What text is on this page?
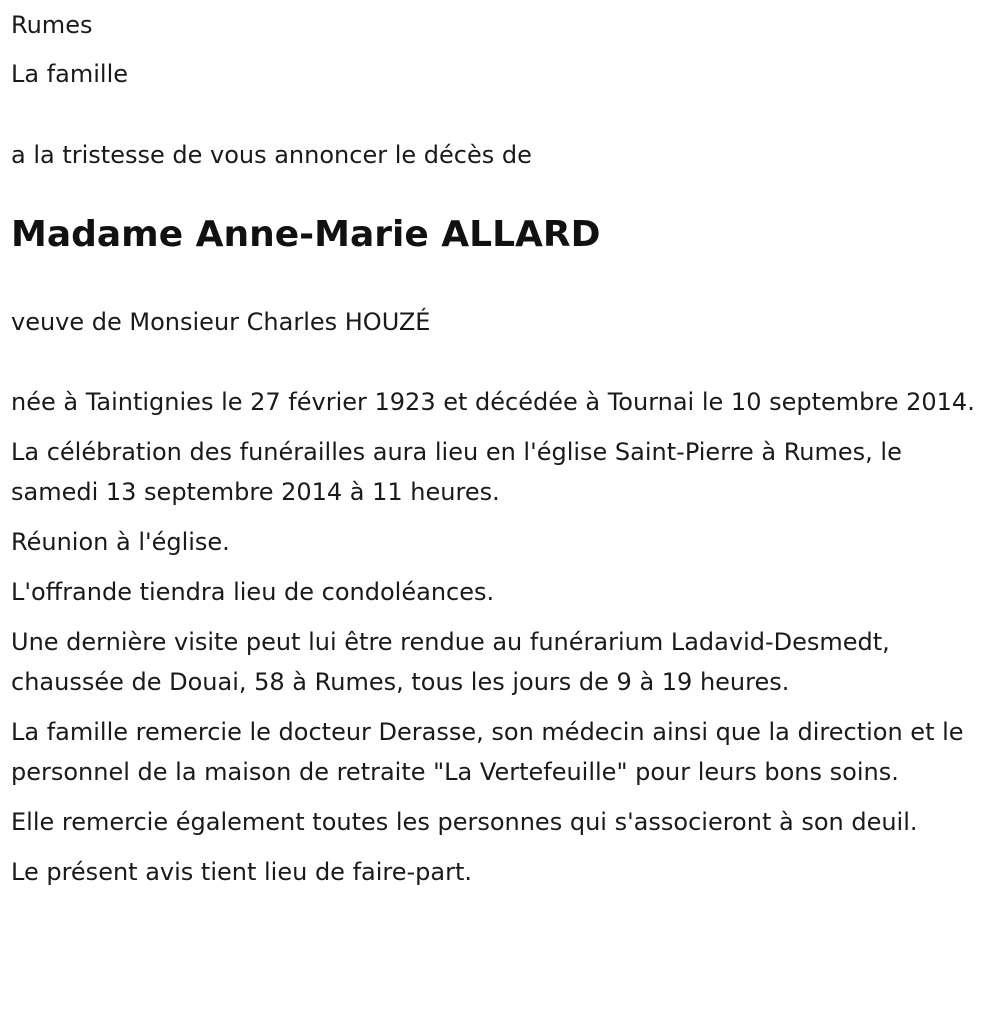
Rumes

La famille

a la tristesse de vous annoncer le décès de

Madame Anne-Marie ALLARD

veuve de Monsieur Charles HOUZÉ

née à Taintignies le 27 février 1923 et décédée à Tournai le 10 septembre 2014.

La célébration des funérailles aura lieu en l'église Saint-Pierre à Rumes, le samedi 13 septembre 2014 à 11 heures.

Réunion à l'église.

L'offrande tiendra lieu de condoléances.

Une dernière visite peut lui être rendue au funérarium Ladavid-Desmedt, chaussée de Douai, 58 à Rumes, tous les jours de 9 à 19 heures.

La famille remercie le docteur Derasse, son médecin ainsi que la direction et le personnel de la maison de retraite "La Vertefeuille" pour leurs bons soins.

Elle remercie également toutes les personnes qui s'associeront à son deuil.

Le présent avis tient lieu de faire-part.
